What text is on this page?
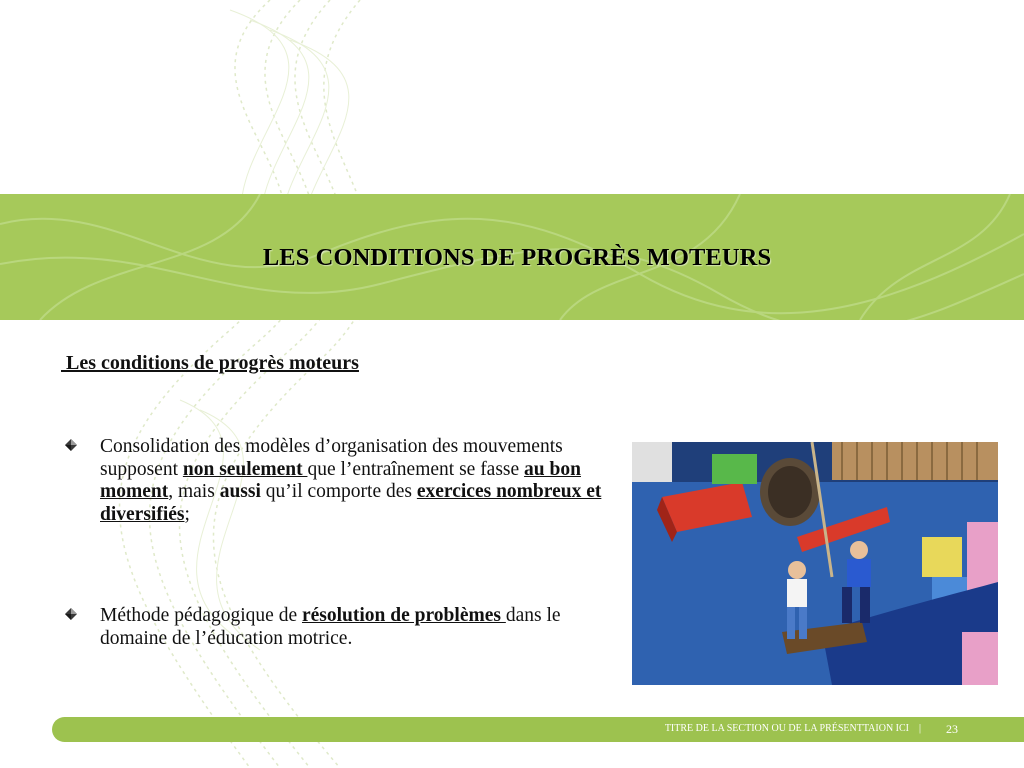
LES CONDITIONS DE PROGRÈS MOTEURS
Les conditions de progrès moteurs
Consolidation des modèles d’organisation des mouvements supposent non seulement que l’entraînement se fasse au bon moment, mais aussi qu’il comporte des exercices nombreux et diversifiés;
Méthode pédagogique de résolution de problèmes dans le domaine de l’éducation motrice.
TITRE DE LA SECTION OU DE LA PRÉSENTTAION ICI    | 23
